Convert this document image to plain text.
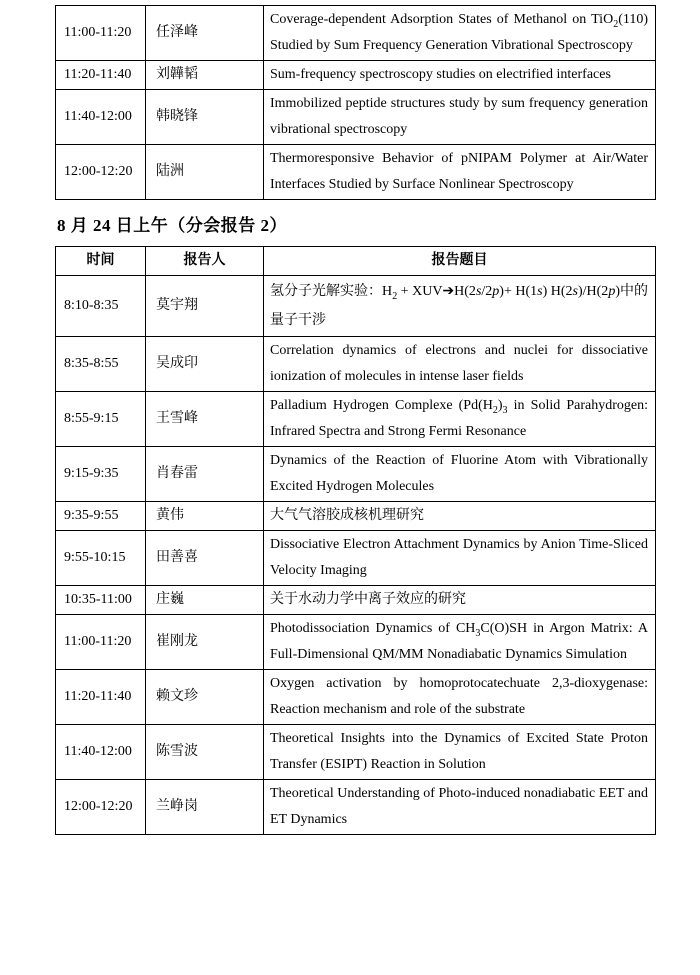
11:00-11:20	任泽峰	Coverage-dependent Adsorption States of Methanol on TiO$_2$(110) Studied by Sum Frequency Generation Vibrational Spectroscopy
11:20-11:40	刘韡韬	Sum-frequency spectroscopy studies on electrified interfaces
11:40-12:00	韩晓锋	Immobilized peptide structures study by sum frequency generation vibrational spectroscopy
12:00-12:20	陆洲	Thermoresponsive Behavior of pNIPAM Polymer at Air/Water Interfaces Studied by Surface Nonlinear Spectroscopy
8 月 24 日上午（分会报告 2）
时间	报告人	报告题目
8:10-8:35	莫宇翔	氢分子光解实验：$H_2$ + XUV➔H(2s/2p)+ H(1s) H(2s)/H(2p)中的量子干涉
8:35-8:55	吴成印	Correlation dynamics of electrons and nuclei for dissociative ionization of molecules in intense laser fields
8:55-9:15	王雪峰	Palladium Hydrogen Complexe ($Pd(H_2)_3$ in Solid Parahydrogen: Infrared Spectra and Strong Fermi Resonance
9:15-9:35	肖春雷	Dynamics of the Reaction of Fluorine Atom with Vibrationally Excited Hydrogen Molecules
9:35-9:55	黄伟	大气气溶胶成核机理研究
9:55-10:15	田善喜	Dissociative Electron Attachment Dynamics by Anion Time-Sliced Velocity Imaging
10:35-11:00	庄巍	关于水动力学中离子效应的研究
11:00-11:20	崔刚龙	Photodissociation Dynamics of $CH_3C(O)SH$ in Argon Matrix: A Full-Dimensional QM/MM Nonadiabatic Dynamics Simulation
11:20-11:40	赖文珍	Oxygen activation by homoprotocatechuate 2,3-dioxygenase: Reaction mechanism and role of the substrate
11:40-12:00	陈雪波	Theoretical Insights into the Dynamics of Excited State Proton Transfer (ESIPT) Reaction in Solution
12:00-12:20	兰峥岗	Theoretical Understanding of Photo-induced nonadiabatic EET and ET Dynamics
